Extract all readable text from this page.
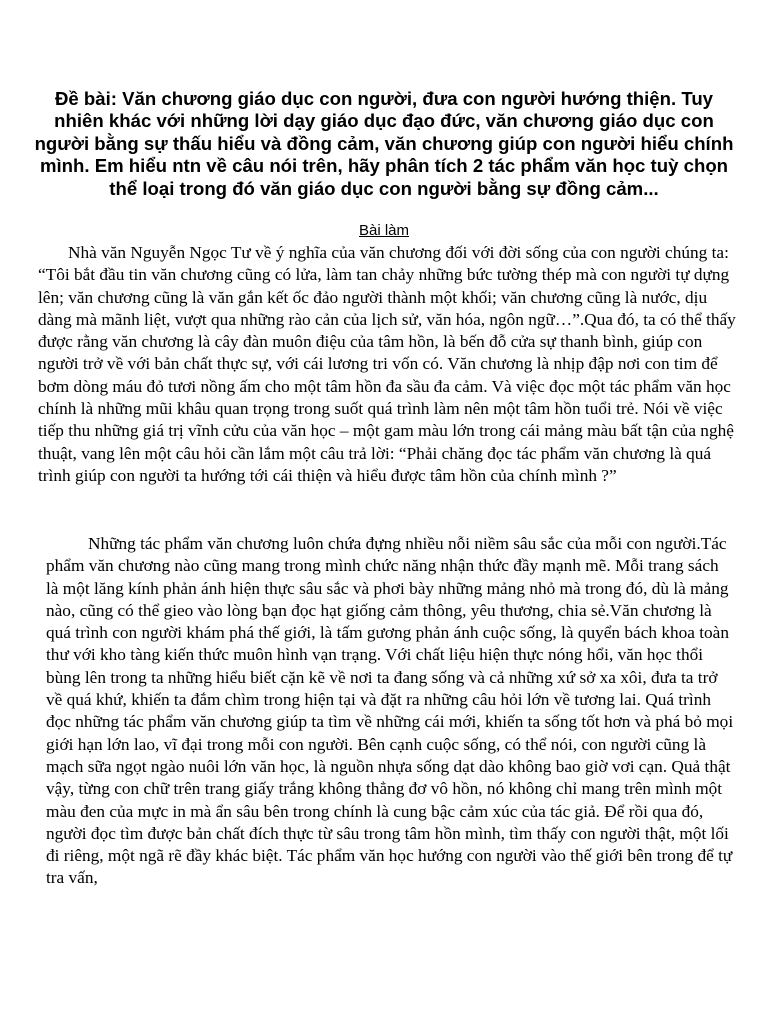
Đề bài: Văn chương giáo dục con người, đưa con người hướng thiện. Tuy nhiên khác với những lời dạy giáo dục đạo đức, văn chương giáo dục con người bằng sự thấu hiểu và đồng cảm, văn chương giúp con người hiểu chính mình. Em hiểu ntn về câu nói trên, hãy phân tích 2 tác phẩm văn học tuỳ chọn thể loại trong đó văn giáo dục con người bằng sự đồng cảm...

Bài làm

Nhà văn Nguyễn Ngọc Tư về ý nghĩa của văn chương đối với đời sống của con người chúng ta: “Tôi bắt đầu tin văn chương cũng có lửa, làm tan chảy những bức tường thép mà con người tự dựng lên; văn chương cũng là văn gắn kết ốc đảo người thành một khối; văn chương cũng là nước, dịu dàng mà mãnh liệt, vượt qua những rào cản của lịch sử, văn hóa, ngôn ngữ…”.Qua đó, ta có thể thấy được rằng văn chương là cây đàn muôn điệu của tâm hồn, là bến đỗ cửa sự thanh bình, giúp con người trở về với bản chất thực sự, với cái lương tri vốn có. Văn chương là nhịp đập nơi con tim để bơm dòng máu đỏ tươi nồng ấm cho một tâm hồn đa sầu đa cảm. Và việc đọc một tác phẩm văn học chính là những mũi khâu quan trọng trong suốt quá trình làm nên một tâm hồn tuổi trẻ. Nói về việc tiếp thu những giá trị vĩnh cửu của văn học – một gam màu lớn trong cái mảng màu bất tận của nghệ thuật, vang lên một câu hỏi cần lắm một câu trả lời: “Phải chăng đọc tác phẩm văn chương là quá trình giúp con người ta hướng tới cái thiện và hiểu được tâm hồn của chính mình ?”

Những tác phẩm văn chương luôn chứa đựng nhiều nỗi niềm sâu sắc của mỗi con người.Tác phẩm văn chương nào cũng mang trong mình chức năng nhận thức đầy mạnh mẽ. Mỗi trang sách là một lăng kính phản ánh hiện thực sâu sắc và phơi bày những mảng nhỏ mà trong đó, dù là mảng nào, cũng có thể gieo vào lòng bạn đọc hạt giống cảm thông, yêu thương, chia sẻ.Văn chương là quá trình con người khám phá thế giới, là tấm gương phản ánh cuộc sống, là quyển bách khoa toàn thư với kho tàng kiến thức muôn hình vạn trạng. Với chất liệu hiện thực nóng hổi, văn học thổi bùng lên trong ta những hiểu biết cặn kẽ về nơi ta đang sống và cả những xứ sở xa xôi, đưa ta trở về quá khứ, khiến ta đắm chìm trong hiện tại và đặt ra những câu hỏi lớn về tương lai. Quá trình đọc những tác phẩm văn chương giúp ta tìm về những cái mới, khiến ta sống tốt hơn và phá bỏ mọi giới hạn lớn lao, vĩ đại trong mỗi con người. Bên cạnh cuộc sống, có thể nói, con người cũng là mạch sữa ngọt ngào nuôi lớn văn học, là nguồn nhựa sống dạt dào không bao giờ vơi cạn. Quả thật vậy, từng con chữ trên trang giấy trắng không thẳng đơ vô hồn, nó không chỉ mang trên mình một màu đen của mực in mà ẩn sâu bên trong chính là cung bậc cảm xúc của tác giả. Để rồi qua đó, người đọc tìm được bản chất đích thực từ sâu trong tâm hồn mình, tìm thấy con người thật, một lối đi riêng, một ngã rẽ đầy khác biệt. Tác phẩm văn học hướng con người vào thế giới bên trong để tự tra vấn,
